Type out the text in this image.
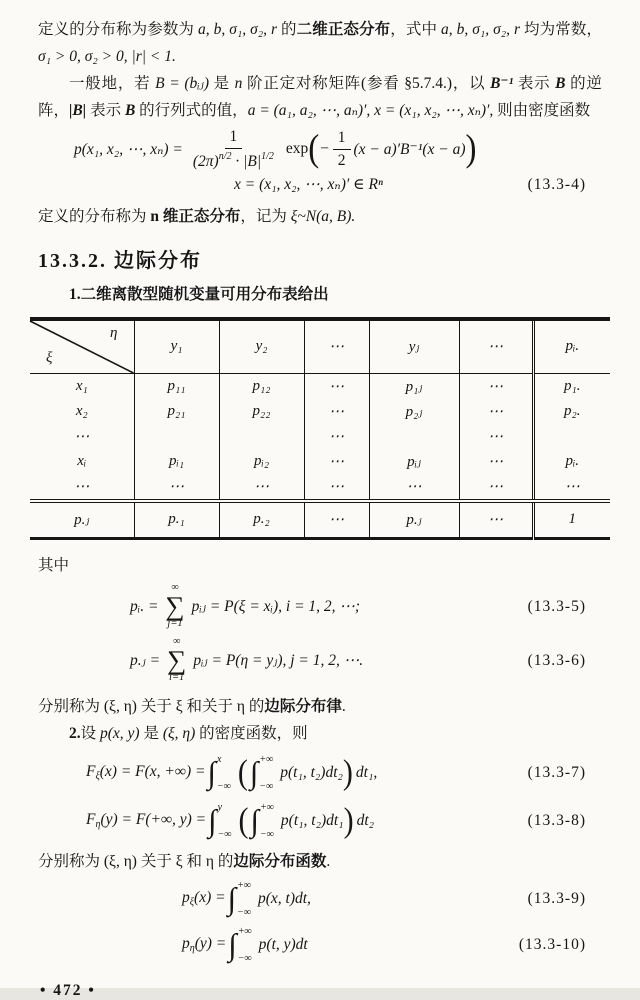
定义的分布称为参数为 a, b, σ₁, σ₂, r 的二维正态分布，式中 a, b, σ₁, σ₂, r 均为常数，σ₁ > 0, σ₂ > 0, |r| < 1.

一般地，若 B = (bᵢⱼ) 是 n 阶正定对称矩阵(参看 §5.7.4.)，以 B⁻¹ 表示 B 的逆阵，|B| 表示 B 的行列式的值，a = (a₁, a₂, ⋯, aₙ)′, x = (x₁, x₂, ⋯, xₙ)′, 则由密度函数

p(x₁, x₂, ⋯, $x_n) = \frac{1}{(2\pi)^{n/2} \cdot |B|^{1/2}}$ exp ( − $\frac{1}{2} (x - a)'B^{-1}(x - a)$ )
x = (x₁, x₂, ⋯, xₙ)′ ∈ Rⁿ	(13.3-4)

定义的分布称为 n 维正态分布，记为 ξ~N(a, B).

13.3.2. 边际分布

1.二维离散型随机变量可用分布表给出

η
ξ	y₁	y₂	⋯	yⱼ	⋯	pᵢ.
x₁	p₁₁	p₁₂	⋯	p₁ⱼ	⋯	p₁.
x₂	p₂₁	p₂₂	⋯	p₂ⱼ	⋯	p₂.
⋯			⋯		⋯	
xᵢ	pᵢ₁	pᵢ₂	⋯	pᵢⱼ	⋯	pᵢ.
⋯	⋯	⋯	⋯	⋯	⋯	⋯
p.ⱼ	p.₁	p.₂	⋯	p.ⱼ	⋯	1

其中

pᵢ. =
∞
∑
j=1
pᵢⱼ = P(ξ = xᵢ), i = 1, 2, ⋯;	(13.3-5)
p.ⱼ =
∞
∑
i=1
pᵢⱼ = P(η = yⱼ), j = 1, 2, ⋯.	(13.3-6)

分别称为 (ξ, η) 关于 ξ 和关于 η 的边际分布律.

2.设 p(x, y) 是 (ξ, η) 的密度函数，则

Fξ(x) = F(x, +∞) = ∫ x
−∞ ( ∫ +∞
−∞
p(t₁, t₂)dt₂ ) dt₁,	(13.3-7)
Fη(y) = F(+∞, y) = ∫ y
−∞ ( ∫ +∞
−∞
p(t₁, t₂)dt₁ ) dt₂	(13.3-8)

分别称为 (ξ, η) 关于 ξ 和 η 的边际分布函数.

pξ(x) = ∫ +∞
−∞
p(x, t)dt,	(13.3-9)
pη(y) = ∫ +∞
−∞
p(t, y)dt	(13.3-10)

• 472 •
